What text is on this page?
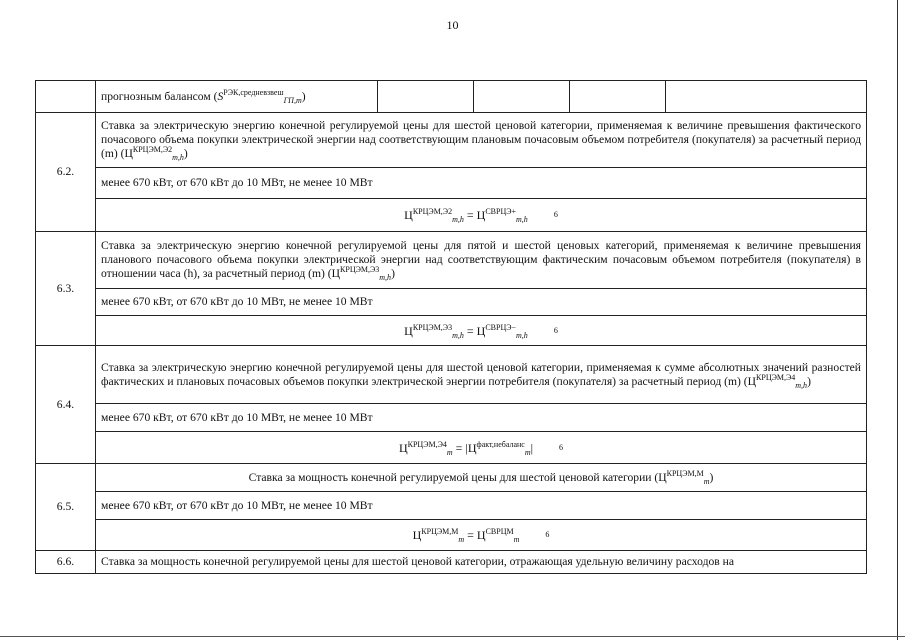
10
	прогнозным балансом $(S^{РЭК,средневзвеш}_{ГП,m})$				
6.2.	Ставка за электрическую энергию конечной регулируемой цены для шестой ценовой категории, применяемая к величине превышения фактического почасового объема покупки электрической энергии над соответствующим плановым почасовым объемом потребителя (покупателя) за расчетный период (m) $(Ц^{КРЦЭМ,Э2}_{m,h})$				
	менее 670 кВт, от 670 кВт до 10 МВт, не менее 10 МВт				
	$Ц^{КРЦЭМ,Э2}_{m,h} = Ц^{СВРЦЭ+}_{m,h}6$				
6.3.	Ставка за электрическую энергию конечной регулируемой цены для пятой и шестой ценовых категорий, применяемая к величине превышения планового почасового объема покупки электрической энергии над соответствующим фактическим почасовым объемом потребителя (покупателя) в отношении часа (h), за расчетный период (m) $(Ц^{КРЦЭМ,Э3}_{m,h})$				
	менее 670 кВт, от 670 кВт до 10 МВт, не менее 10 МВт				
	$Ц^{КРЦЭМ,Э3}_{m,h} = Ц^{СВРЦЭ-}_{m,h}6$				
6.4.	Ставка за электрическую энергию конечной регулируемой цены для шестой ценовой категории, применяемая к сумме абсолютных значений разностей фактических и плановых почасовых объемов покупки электрической энергии потребителя (покупателя) за расчетный период (m) $(Ц^{КРЦЭМ,Э4}_{m,h})$				
	менее 670 кВт, от 670 кВт до 10 МВт, не менее 10 МВт				
	$Ц^{КРЦЭМ,Э4}_m = |Ц^{факт,небаланс}_m|$ 6				
6.5.	Ставка за мощность конечной регулируемой цены для шестой ценовой категории $(Ц^{КРЦЭМ,М}_m)$				
	менее 670 кВт, от 670 кВт до 10 МВт, не менее 10 МВт				
	$Ц^{КРЦЭМ,М}_m = Ц^{СВРЦМ}_m6$				
6.6.	Ставка за мощность конечной регулируемой цены для шестой ценовой категории, отражающая удельную величину расходов на				
